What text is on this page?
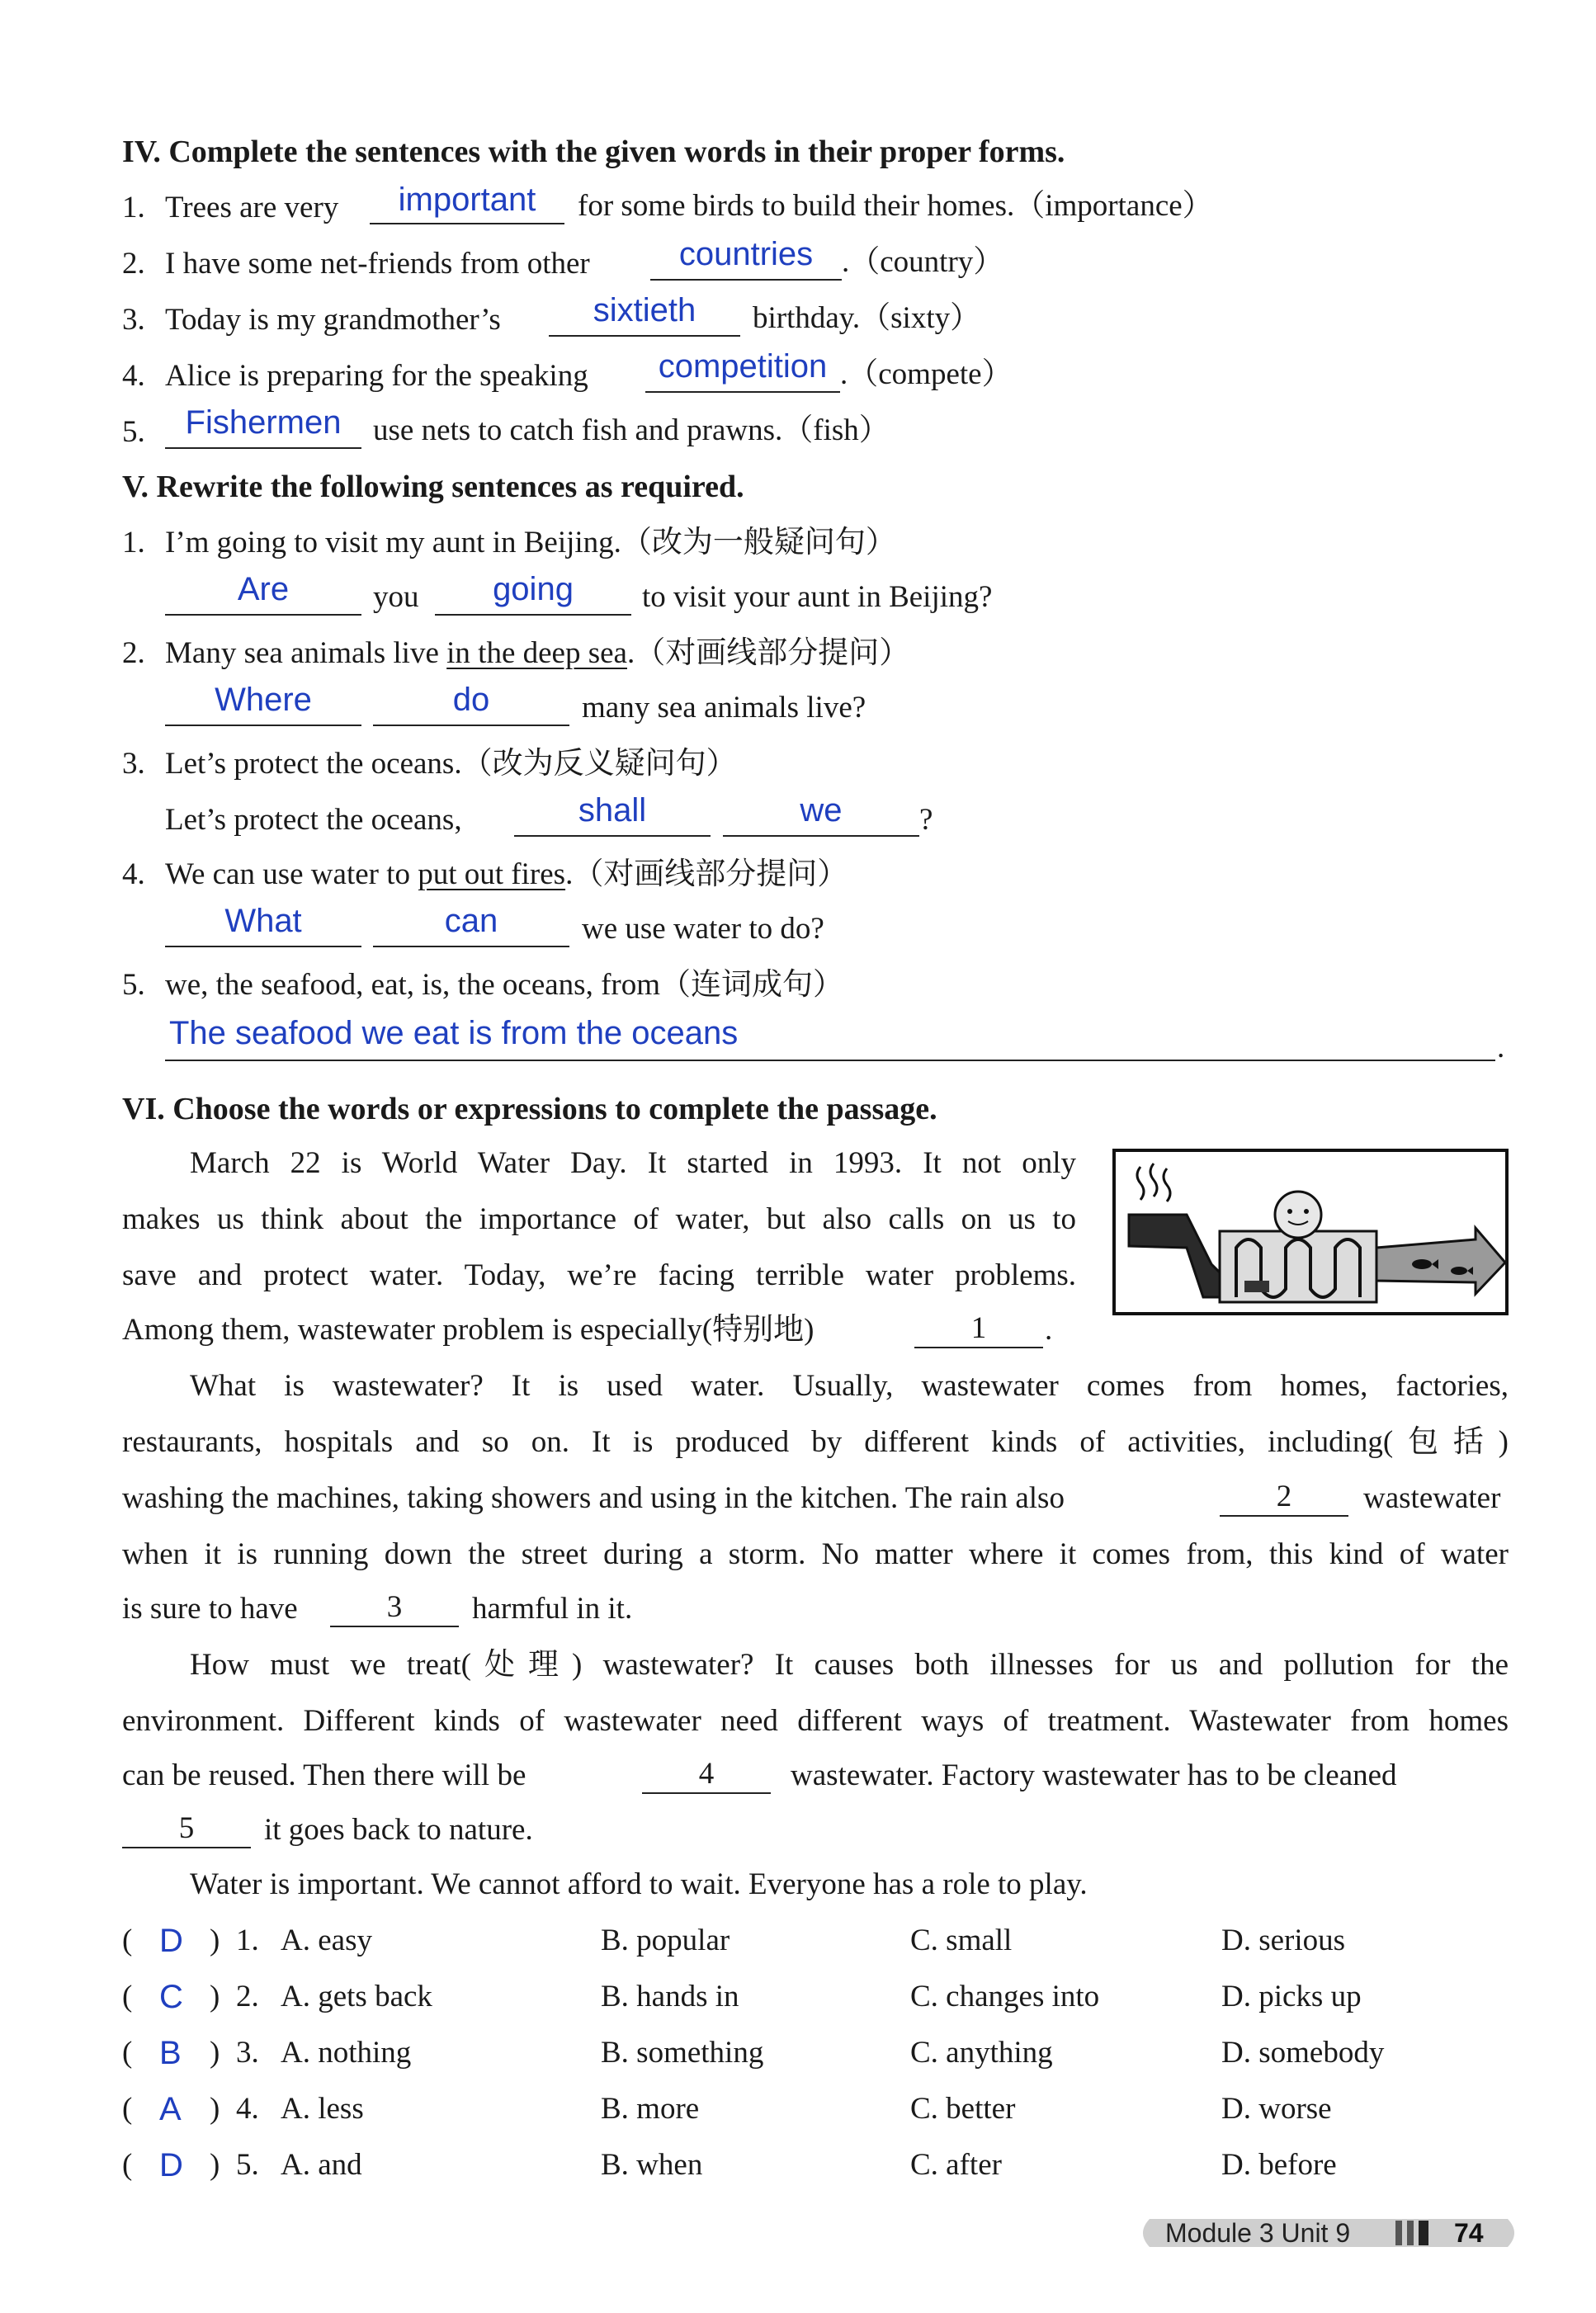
IV. Complete the sentences with the given words in their proper forms.
1. Trees are very	important	for some birds to build their homes.（importance）
2. I have some net-friends from other	countries .（country）
3. Today is my grandmother’s	sixtieth	birthday.（sixty）
4. Alice is preparing for the speaking	competition .（compete）
5.	Fishermen	use nets to catch fish and prawns.（fish）
V. Rewrite the following sentences as required.
1. I’m going to visit my aunt in Beijing.（改为一般疑问句）
Are	you	going	to visit your aunt in Beijing?
2. Many sea animals live in the deep sea.（对画线部分提问）
Where	do	many sea animals live?
3. Let’s protect the oceans.（改为反义疑问句）
Let’s protect the oceans,	shall	we	?
4. We can use water to put out fires.（对画线部分提问）
What	can	we use water to do?
5. we, the seafood, eat, is, the oceans, from（连词成句）
The seafood we eat is from the oceans	.
VI. Choose the words or expressions to complete the passage.
March 22 is World Water Day. It started in 1993. It not only
makes us think about the importance of water, but also calls on us to
save and protect water. Today, we’re facing terrible water problems.
Among them, wastewater problem is especially(特别地)	1	.
What is wastewater? It is used water. Usually, wastewater comes from homes, factories,
restaurants, hospitals and so on. It is produced by different kinds of activities, including(包括)
washing the machines, taking showers and using in the kitchen. The rain also	2	wastewater
when it is running down the street during a storm. No matter where it comes from, this kind of water
is sure to have	3	harmful in it.
How must we treat(处理) wastewater? It causes both illnesses for us and pollution for the
environment. Different kinds of wastewater need different ways of treatment. Wastewater from homes
can be reused. Then there will be	4	wastewater. Factory wastewater has to be cleaned
5	it goes back to nature.
Water is important. We cannot afford to wait. Everyone has a role to play.
( D ) 1. A. easy	B. popular	C. small	D. serious
( C ) 2. A. gets back	B. hands in	C. changes into	D. picks up
( B ) 3. A. nothing	B. something	C. anything	D. somebody
( A ) 4. A. less	B. more	C. better	D. worse
( D ) 5. A. and	B. when	C. after	D. before
Module 3 Unit 9	74
